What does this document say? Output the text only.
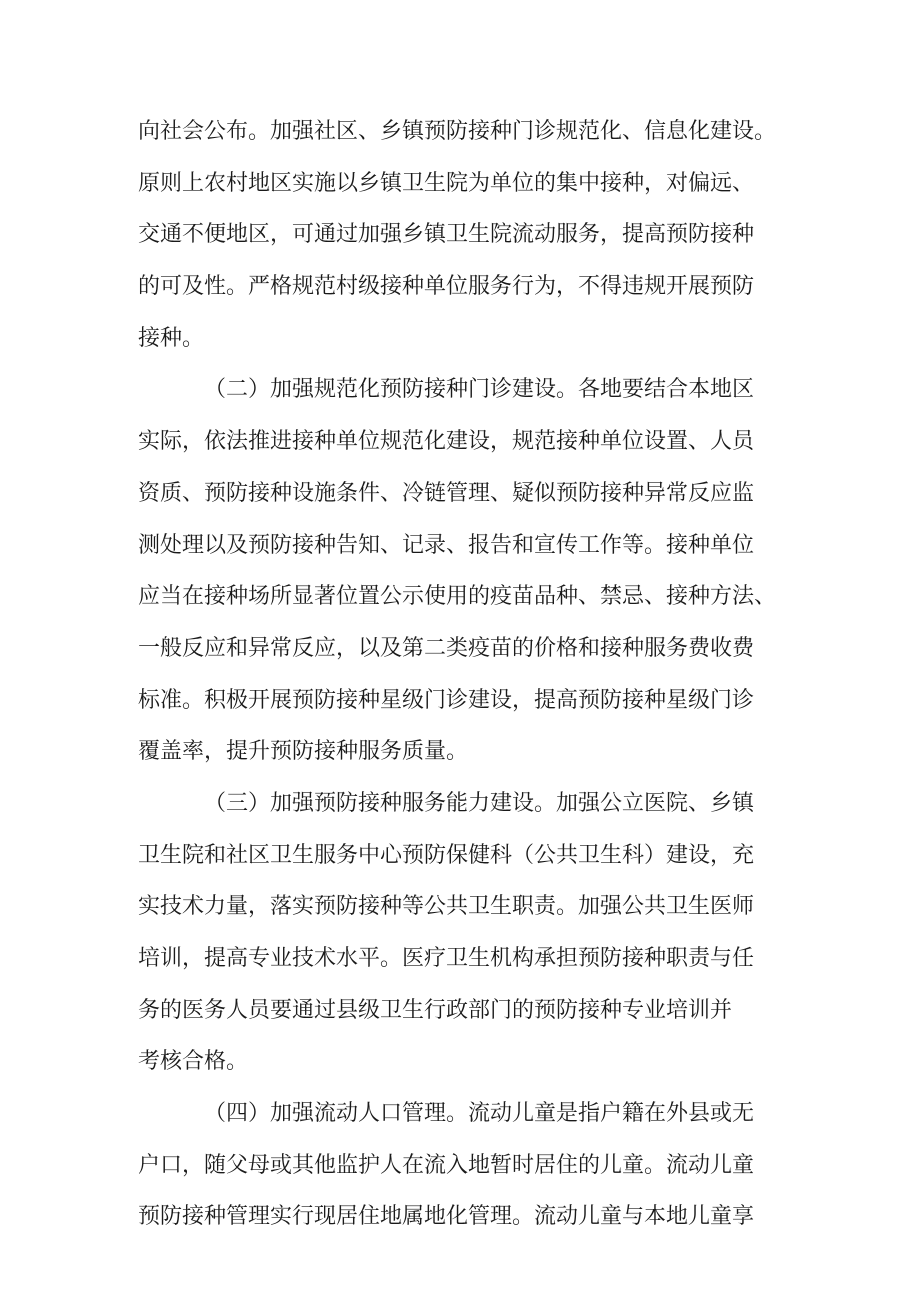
向社会公布。加强社区、乡镇预防接种门诊规范化、信息化建设。
原则上农村地区实施以乡镇卫生院为单位的集中接种，对偏远、
交通不便地区，可通过加强乡镇卫生院流动服务，提高预防接种
的可及性。严格规范村级接种单位服务行为，不得违规开展预防
接种。
（二）加强规范化预防接种门诊建设。各地要结合本地区
实际，依法推进接种单位规范化建设，规范接种单位设置、人员
资质、预防接种设施条件、冷链管理、疑似预防接种异常反应监
测处理以及预防接种告知、记录、报告和宣传工作等。接种单位
应当在接种场所显著位置公示使用的疫苗品种、禁忌、接种方法、
一般反应和异常反应，以及第二类疫苗的价格和接种服务费收费
标准。积极开展预防接种星级门诊建设，提高预防接种星级门诊
覆盖率，提升预防接种服务质量。
（三）加强预防接种服务能力建设。加强公立医院、乡镇
卫生院和社区卫生服务中心预防保健科（公共卫生科）建设，充
实技术力量，落实预防接种等公共卫生职责。加强公共卫生医师
培训，提高专业技术水平。医疗卫生机构承担预防接种职责与任
务的医务人员要通过县级卫生行政部门的预防接种专业培训并
考核合格。
（四）加强流动人口管理。流动儿童是指户籍在外县或无
户口，随父母或其他监护人在流入地暂时居住的儿童。流动儿童
预防接种管理实行现居住地属地化管理。流动儿童与本地儿童享
